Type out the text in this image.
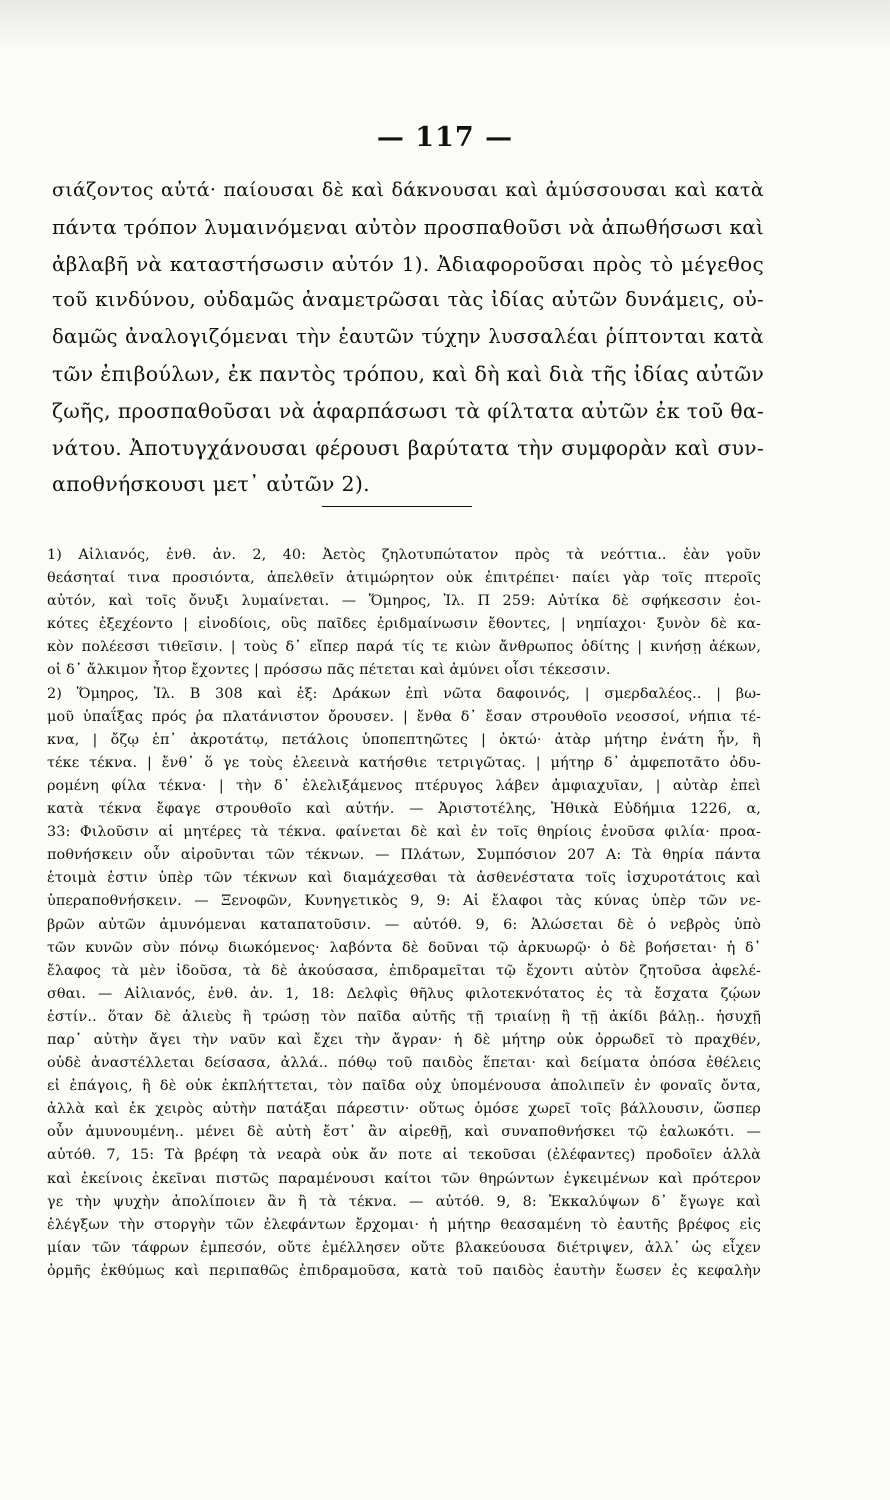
— 117 —
σιάζοντος αὐτά· παίουσαι δὲ καὶ δάκνουσαι καὶ ἀμύσσουσαι καὶ κατὰ
πάντα τρόπον λυμαινόμεναι αὐτὸν προσπαθοῦσι νὰ ἀπωθήσωσι καὶ
ἀβλαβῆ νὰ καταστήσωσιν αὐτόν 1). Ἀδιαφοροῦσαι πρὸς τὸ μέγεθος
τοῦ κινδύνου, οὐδαμῶς ἀναμετρῶσαι τὰς ἰδίας αὐτῶν δυνάμεις, οὐ-
δαμῶς ἀναλογιζόμεναι τὴν ἑαυτῶν τύχην λυσσαλέαι ῥίπτονται κατὰ
τῶν ἐπιβούλων, ἐκ παντὸς τρόπου, καὶ δὴ καὶ διὰ τῆς ἰδίας αὐτῶν
ζωῆς, προσπαθοῦσαι νὰ ἁφαρπάσωσι τὰ φίλτατα αὐτῶν ἐκ τοῦ θα-
νάτου. Ἀποτυγχάνουσαι φέρουσι βαρύτατα τὴν συμφορὰν καὶ συν-
αποθνήσκουσι μετ᾽ αὐτῶν 2).
1) Αἰλιανός, ἐνθ. ἀν. 2, 40: Ἀετὸς ζηλοτυπώτατον πρὸς τὰ νεόττια.. ἐὰν γοῦν
θεάσηταί τινα προσιόντα, ἀπελθεῖν ἀτιμώρητον οὐκ ἐπιτρέπει· παίει γὰρ τοῖς πτεροῖς
αὐτόν, καὶ τοῖς ὄνυξι λυμαίνεται. — Ὅμηρος, Ἰλ. Π 259: Αὐτίκα δὲ σφήκεσσιν ἐοι-
κότες ἐξεχέοντο | εἰνοδίοις, οὓς παῖδες ἐριδμαίνωσιν ἔθοντες, | νηπίαχοι· ξυνὸν δὲ κα-
κὸν πολέεσσι τιθεῖσιν. | τοὺς δ᾽ εἴπερ παρά τίς τε κιὼν ἄνθρωπος ὁδίτης | κινήσῃ ἀέκων,
οἱ δ᾽ ἄλκιμον ἦτορ ἔχοντες | πρόσσω πᾶς πέτεται καὶ ἀμύνει οἷσι τέκεσσιν.
2) Ὅμηρος, Ἰλ. Β 308 καὶ ἑξ: Δράκων ἐπὶ νῶτα δαφοινός, | σμερδαλέος.. | βω-
μοῦ ὑπαΐξας πρός ῥα πλατάνιστον ὄρουσεν. | ἔνθα δ᾽ ἔσαν στρουθοῖο νεοσσοί, νήπια τέ-
κνα, | ὄζῳ ἐπ᾽ ἀκροτάτῳ, πετάλοις ὑποπεπτηῶτες | ὀκτώ· ἀτὰρ μήτηρ ἐνάτη ἦν, ἣ
τέκε τέκνα. | ἔνθ᾽ ὅ γε τοὺς ἐλεεινὰ κατήσθιε τετριγῶτας. | μήτηρ δ᾽ ἀμφεποτᾶτο ὀδυ-
ρομένη φίλα τέκνα· | τὴν δ᾽ ἐλελιξάμενος πτέρυγος λάβεν ἀμφιαχυῖαν, | αὐτὰρ ἐπεὶ
κατὰ τέκνα ἔφαγε στρουθοῖο καὶ αὐτήν. — Ἀριστοτέλης, Ἠθικὰ Εὐδήμια 1226, α,
33: Φιλοῦσιν αἱ μητέρες τὰ τέκνα. φαίνεται δὲ καὶ ἐν τοῖς θηρίοις ἐνοῦσα φιλία· προα-
ποθνήσκειν οὖν αἱροῦνται τῶν τέκνων. — Πλάτων, Συμπόσιον 207 Α: Τὰ θηρία πάντα
ἑτοιμὰ ἐστιν ὑπὲρ τῶν τέκνων καὶ διαμάχεσθαι τὰ ἀσθενέστατα τοῖς ἰσχυροτάτοις καὶ
ὑπεραποθνήσκειν. — Ξενοφῶν, Κυνηγετικὸς 9, 9: Αἱ ἔλαφοι τὰς κύνας ὑπὲρ τῶν νε-
βρῶν αὐτῶν ἀμυνόμεναι καταπατοῦσιν. — αὐτόθ. 9, 6: Ἁλώσεται δὲ ὁ νεβρὸς ὑπὸ
τῶν κυνῶν σὺν πόνῳ διωκόμενος· λαβόντα δὲ δοῦναι τῷ ἀρκυωρῷ· ὁ δὲ βοήσεται· ἡ δ᾽
ἔλαφος τὰ μὲν ἰδοῦσα, τὰ δὲ ἀκούσασα, ἐπιδραμεῖται τῷ ἔχοντι αὐτὸν ζητοῦσα ἀφελέ-
σθαι. — Αἰλιανός, ἐνθ. ἀν. 1, 18: Δελφὶς θῆλυς φιλοτεκνότατος ἐς τὰ ἔσχατα ζῴων
ἐστίν.. ὅταν δὲ ἁλιεὺς ἢ τρώσῃ τὸν παῖδα αὐτῆς τῇ τριαίνῃ ἢ τῇ ἀκίδι βάλῃ.. ἡσυχῇ
παρ᾽ αὐτὴν ἄγει τὴν ναῦν καὶ ἔχει τὴν ἄγραν· ἡ δὲ μήτηρ οὐκ ὀρρωδεῖ τὸ πραχθέν,
οὐδὲ ἀναστέλλεται δείσασα, ἀλλά.. πόθῳ τοῦ παιδὸς ἕπεται· καὶ δείματα ὁπόσα ἐθέλεις
εἰ ἐπάγοις, ἣ δὲ οὐκ ἐκπλήττεται, τὸν παῖδα οὐχ ὑπομένουσα ἀπολιπεῖν ἐν φοναῖς ὄντα,
ἀλλὰ καὶ ἐκ χειρὸς αὐτὴν πατάξαι πάρεστιν· οὕτως ὁμόσε χωρεῖ τοῖς βάλλουσιν, ὥσπερ
οὖν ἀμυνουμένη.. μένει δὲ αὐτὴ ἔστ᾽ ἂν αἱρεθῇ, καὶ συναποθνήσκει τῷ ἑαλωκότι. —
αὐτόθ. 7, 15: Τὰ βρέφη τὰ νεαρὰ οὐκ ἄν ποτε αἱ τεκοῦσαι (ἐλέφαντες) προδοῖεν ἀλλὰ
καὶ ἐκείνοις ἐκεῖναι πιστῶς παραμένουσι καίτοι τῶν θηρώντων ἐγκειμένων καὶ πρότερον
γε τὴν ψυχὴν ἀπολίποιεν ἂν ἢ τὰ τέκνα. — αὐτόθ. 9, 8: Ἐκκαλύψων δ᾽ ἔγωγε καὶ
ἐλέγξων τὴν στοργὴν τῶν ἐλεφάντων ἔρχομαι· ἡ μήτηρ θεασαμένη τὸ ἑαυτῆς βρέφος εἰς
μίαν τῶν τάφρων ἐμπεσόν, οὔτε ἐμέλλησεν οὔτε βλακεύουσα διέτριψεν, ἀλλ᾽ ὡς εἶχεν
ὁρμῆς ἐκθύμως καὶ περιπαθῶς ἐπιδραμοῦσα, κατὰ τοῦ παιδὸς ἑαυτὴν ἔωσεν ἐς κεφαλὴν
